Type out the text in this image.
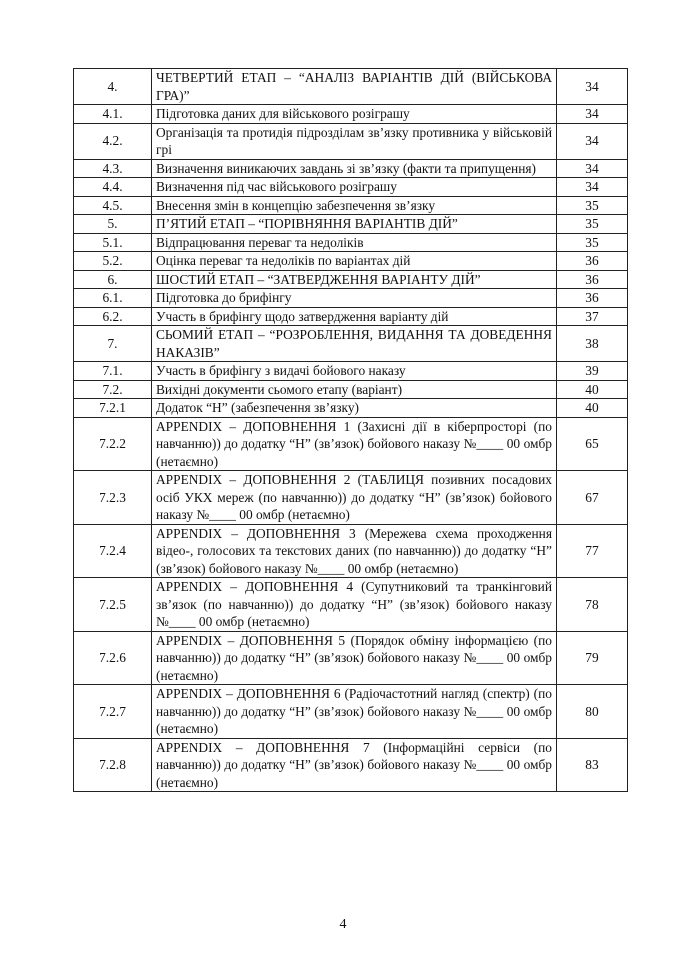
4.	ЧЕТВЕРТИЙ ЕТАП – “АНАЛІЗ ВАРІАНТІВ ДІЙ (ВІЙСЬКОВА ГРА)”	34
4.1.	Підготовка даних для військового розіграшу	34
4.2.	Організація та протидія підрозділам зв’язку противника у військовій грі	34
4.3.	Визначення виникаючих завдань зі зв’язку (факти та припущення)	34
4.4.	Визначення під час військового розіграшу	34
4.5.	Внесення змін в концепцію забезпечення зв’язку	35
5.	П’ЯТИЙ ЕТАП – “ПОРІВНЯННЯ ВАРІАНТІВ ДІЙ”	35
5.1.	Відпрацювання переваг та недоліків	35
5.2.	Оцінка переваг та недоліків по варіантах дій	36
6.	ШОСТИЙ ЕТАП – “ЗАТВЕРДЖЕННЯ ВАРІАНТУ ДІЙ”	36
6.1.	Підготовка до брифінгу	36
6.2.	Участь в брифінгу щодо затвердження варіанту дій	37
7.	СЬОМИЙ ЕТАП – “РОЗРОБЛЕННЯ, ВИДАННЯ ТА ДОВЕДЕННЯ НАКАЗІВ”	38
7.1.	Участь в брифінгу з видачі бойового наказу	39
7.2.	Вихідні документи сьомого етапу (варіант)	40
7.2.1	Додаток “Н” (забезпечення зв’язку)	40
7.2.2	APPENDIX – ДОПОВНЕННЯ 1 (Захисні дії в кіберпросторі (по навчанню)) до додатку “Н” (зв’язок) бойового наказу №____ 00 омбр (нетаємно)	65
7.2.3	APPENDIX – ДОПОВНЕННЯ 2 (ТАБЛИЦЯ позивних посадових осіб УКХ мереж (по навчанню)) до додатку “Н” (зв’язок) бойового наказу №____ 00 омбр (нетаємно)	67
7.2.4	APPENDIX – ДОПОВНЕННЯ 3 (Мережева схема проходження відео-, голосових та текстових даних (по навчанню)) до додатку “Н” (зв’язок) бойового наказу №____ 00 омбр (нетаємно)	77
7.2.5	APPENDIX – ДОПОВНЕННЯ 4 (Супутниковий та транкінговий зв’язок (по навчанню)) до додатку “Н” (зв’язок) бойового наказу №____ 00 омбр (нетаємно)	78
7.2.6	APPENDIX – ДОПОВНЕННЯ 5 (Порядок обміну інформацією (по навчанню)) до додатку “Н” (зв’язок) бойового наказу №____ 00 омбр (нетаємно)	79
7.2.7	APPENDIX – ДОПОВНЕННЯ 6 (Радіочастотний нагляд (спектр) (по навчанню)) до додатку “Н” (зв’язок) бойового наказу №____ 00 омбр (нетаємно)	80
7.2.8	APPENDIX – ДОПОВНЕННЯ 7 (Інформаційні сервіси (по навчанню)) до додатку “Н” (зв’язок) бойового наказу №____ 00 омбр (нетаємно)	83
4
